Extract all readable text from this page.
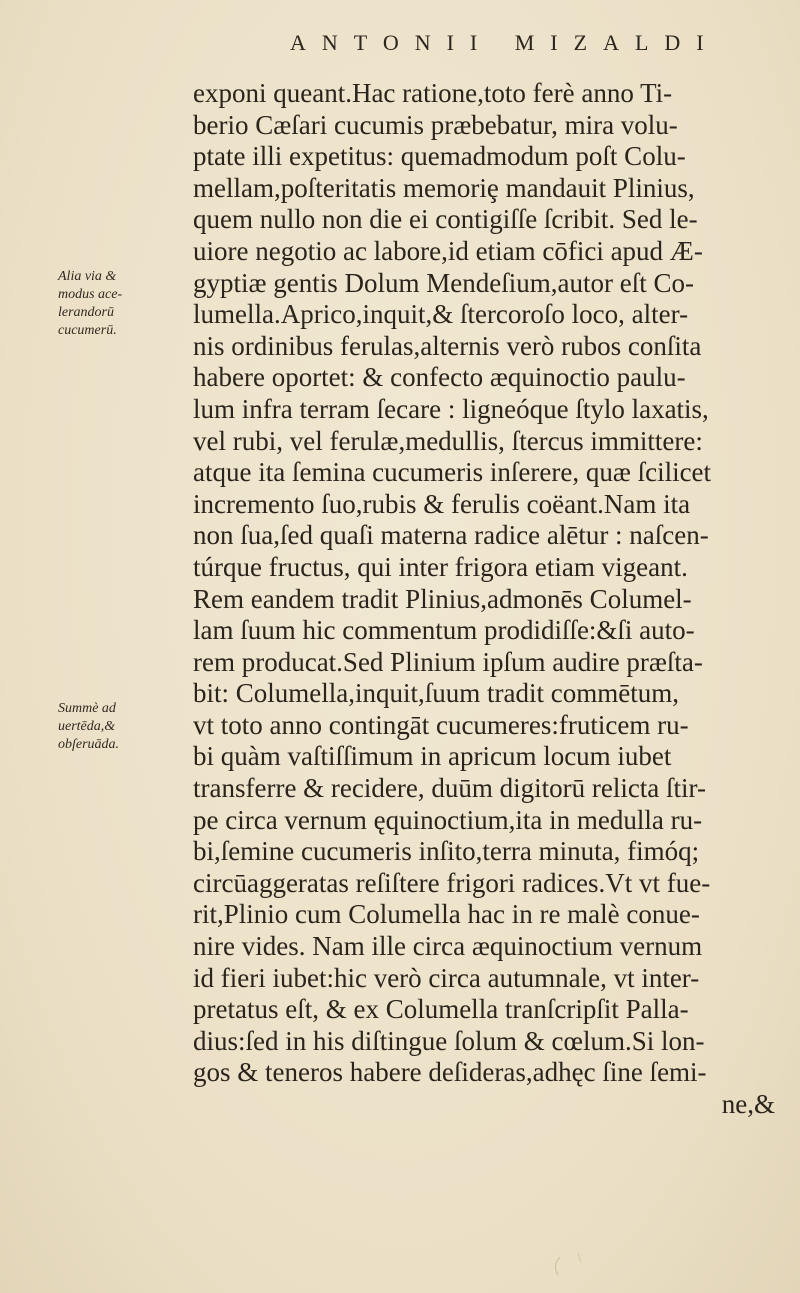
ANTONII MIZALDI
Alia via &
modus ace-
lerandorū
cucumerū.
Summè ad
uertēda,&
obſeruāda.
exponi queant.Hac ratione,toto ferè anno Ti-
berio Cæſari cucumis præbebatur, mira volu-
ptate illi expetitus: quemadmodum poſt Colu-
mellam,poſteritatis memoriȩ mandauit Plinius,
quem nullo non die ei contigiſſe ſcribit. Sed le-
uiore negotio ac labore,id etiam cōfici apud Æ-
gyptiæ gentis Dolum Mendeſium,autor eſt Co-
lumella.Aprico,inquit,& ſtercoroſo loco, alter-
nis ordinibus ferulas,alternis verò rubos conſita
habere oportet: & confecto æquinoctio paulu-
lum infra terram ſecare : ligneóque ſtylo laxatis,
vel rubi, vel ferulæ,medullis, ſtercus immittere:
atque ita ſemina cucumeris inſerere, quæ ſcilicet
incremento ſuo,rubis & ferulis coëant.Nam ita
non ſua,ſed quaſi materna radice alētur : naſcen-
túrque fructus, qui inter frigora etiam vigeant.
Rem eandem tradit Plinius,admonēs Columel-
lam ſuum hic commentum prodidiſſe:&ſi auto-
rem producat.Sed Plinium ipſum audire præſta-
bit: Columella,inquit,ſuum tradit commētum,
vt toto anno contingāt cucumeres:fruticem ru-
bi quàm vaſtiſſimum in apricum locum iubet
transferre & recidere, duūm digitorū relicta ſtir-
pe circa vernum ęquinoctium,ita in medulla ru-
bi,ſemine cucumeris inſito,terra minuta, fimóq;
circūaggeratas reſiſtere frigori radices.Vt vt fue-
rit,Plinio cum Columella hac in re malè conue-
nire vides. Nam ille circa æquinoctium vernum
id fieri iubet:hic verò circa autumnale, vt inter-
pretatus eſt, & ex Columella tranſcripſit Palla-
dius:ſed in his diſtingue ſolum & cœlum.Si lon-
gos & teneros habere deſideras,adhęc ſine ſemi-
ne,&
